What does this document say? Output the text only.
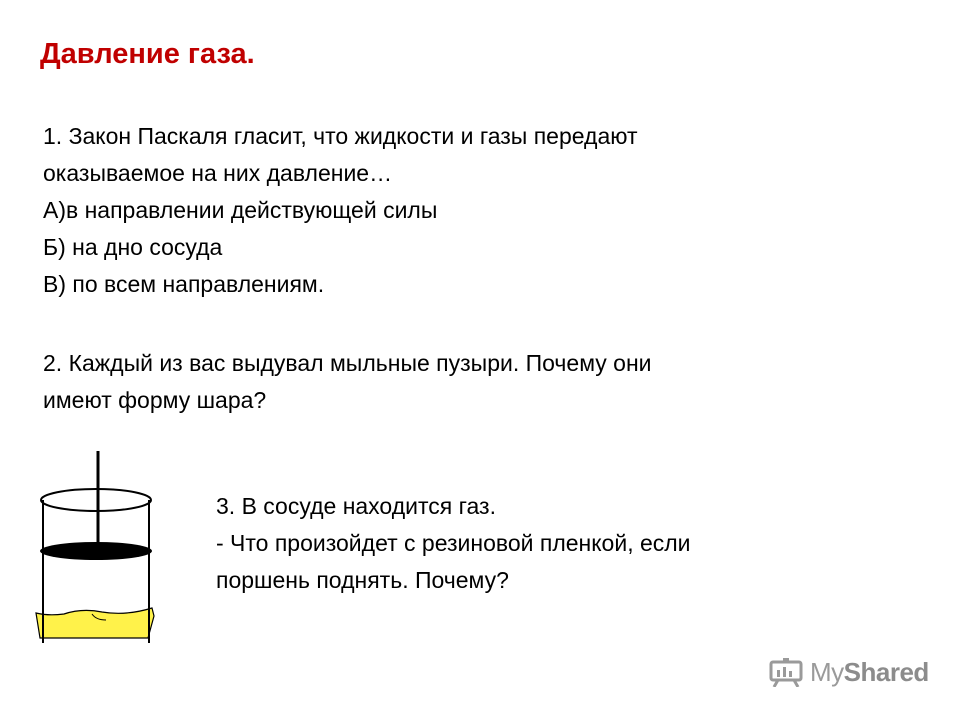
Давление газа.
1. Закон Паскаля гласит, что жидкости и газы передают
оказываемое на них давление…
А)в направлении действующей силы
Б) на дно сосуда
В) по всем направлениям.
2. Каждый из вас выдувал мыльные пузыри. Почему они
имеют форму шара?
3. В сосуде находится газ.
- Что произойдет с резиновой пленкой, если
поршень поднять. Почему?
MyShared
